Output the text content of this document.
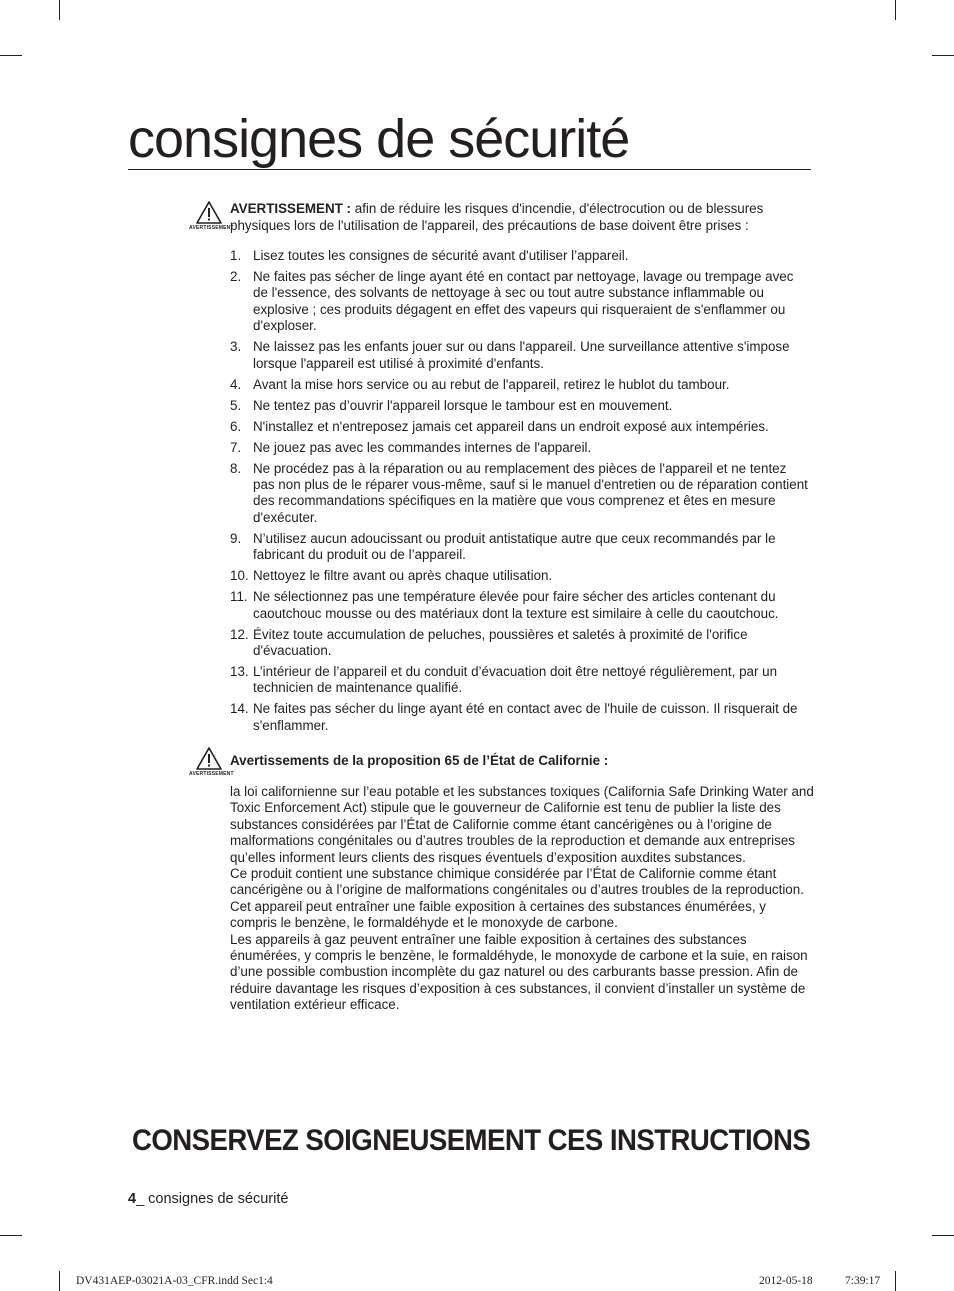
consignes de sécurité
AVERTISSEMENT
AVERTISSEMENT : afin de réduire les risques d'incendie, d'électrocution ou de blessures physiques lors de l'utilisation de l'appareil, des précautions de base doivent être prises :
1. Lisez toutes les consignes de sécurité avant d'utiliser l’appareil.
2. Ne faites pas sécher de linge ayant été en contact par nettoyage, lavage ou trempage avec de l'essence, des solvants de nettoyage à sec ou tout autre substance inflammable ou explosive ; ces produits dégagent en effet des vapeurs qui risqueraient de s'enflammer ou d'exploser.
3. Ne laissez pas les enfants jouer sur ou dans l'appareil. Une surveillance attentive s'impose lorsque l'appareil est utilisé à proximité d'enfants.
4. Avant la mise hors service ou au rebut de l'appareil, retirez le hublot du tambour.
5. Ne tentez pas d’ouvrir l'appareil lorsque le tambour est en mouvement.
6. N'installez et n'entreposez jamais cet appareil dans un endroit exposé aux intempéries.
7. Ne jouez pas avec les commandes internes de l'appareil.
8. Ne procédez pas à la réparation ou au remplacement des pièces de l'appareil et ne tentez pas non plus de le réparer vous-même, sauf si le manuel d'entretien ou de réparation contient des recommandations spécifiques en la matière que vous comprenez et êtes en mesure d'exécuter.
9. N’utilisez aucun adoucissant ou produit antistatique autre que ceux recommandés par le fabricant du produit ou de l’appareil.
10. Nettoyez le filtre avant ou après chaque utilisation.
11. Ne sélectionnez pas une température élevée pour faire sécher des articles contenant du caoutchouc mousse ou des matériaux dont la texture est similaire à celle du caoutchouc.
12. Évitez toute accumulation de peluches, poussières et saletés à proximité de l'orifice d'évacuation.
13. L’intérieur de l’appareil et du conduit d’évacuation doit être nettoyé régulièrement, par un technicien de maintenance qualifié.
14. Ne faites pas sécher du linge ayant été en contact avec de l'huile de cuisson. Il risquerait de s'enflammer.
AVERTISSEMENT
Avertissements de la proposition 65 de l’État de Californie :

la loi californienne sur l’eau potable et les substances toxiques (California Safe Drinking Water and Toxic Enforcement Act) stipule que le gouverneur de Californie est tenu de publier la liste des substances considérées par l’État de Californie comme étant cancérigènes ou à l’origine de malformations congénitales ou d’autres troubles de la reproduction et demande aux entreprises qu’elles informent leurs clients des risques éventuels d’exposition auxdites substances.

Ce produit contient une substance chimique considérée par l’État de Californie comme étant cancérigène ou à l’origine de malformations congénitales ou d’autres troubles de la reproduction. Cet appareil peut entraîner une faible exposition à certaines des substances énumérées, y compris le benzène, le formaldéhyde et le monoxyde de carbone.

Les appareils à gaz peuvent entraîner une faible exposition à certaines des substances énumérées, y compris le benzène, le formaldéhyde, le monoxyde de carbone et la suie, en raison d’une possible combustion incomplète du gaz naturel ou des carburants basse pression. Afin de réduire davantage les risques d’exposition à ces substances, il convient d’installer un système de ventilation extérieur efficace.

CONSERVEZ SOIGNEUSEMENT CES INSTRUCTIONS
4_ consignes de sécurité
DV431AEP-03021A-03_CFR.indd Sec1:4	2012-05-18	7:39:17
